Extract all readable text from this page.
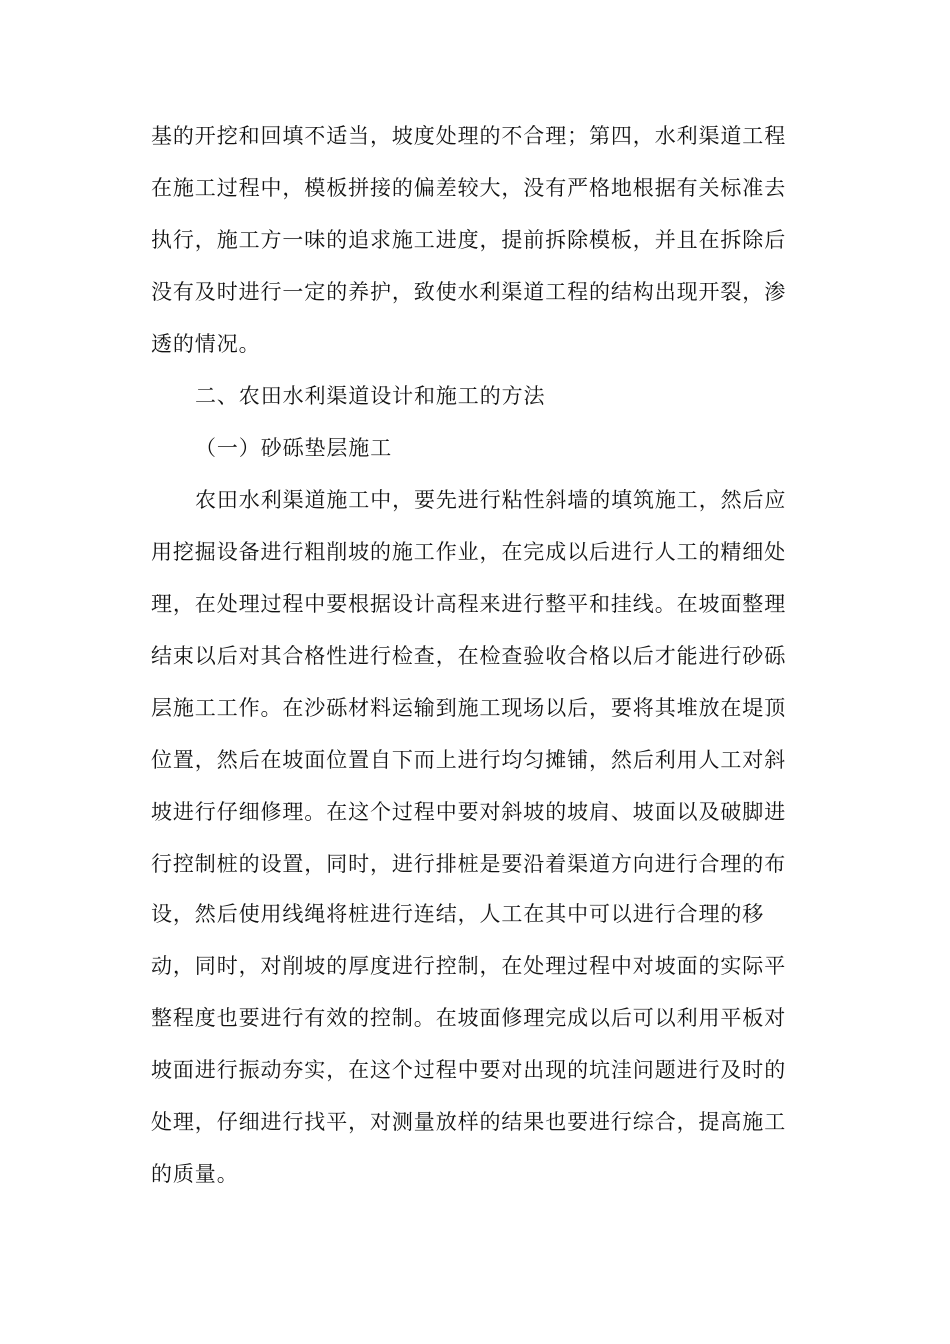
基的开挖和回填不适当，坡度处理的不合理；第四，水利渠道工程
在施工过程中，模板拼接的偏差较大，没有严格地根据有关标准去
执行，施工方一味的追求施工进度，提前拆除模板，并且在拆除后
没有及时进行一定的养护，致使水利渠道工程的结构出现开裂，渗
透的情况。
二、农田水利渠道设计和施工的方法
（一）砂砾垫层施工
农田水利渠道施工中，要先进行粘性斜墙的填筑施工，然后应
用挖掘设备进行粗削坡的施工作业，在完成以后进行人工的精细处
理，在处理过程中要根据设计高程来进行整平和挂线。在坡面整理
结束以后对其合格性进行检查，在检查验收合格以后才能进行砂砾
层施工工作。在沙砾材料运输到施工现场以后，要将其堆放在堤顶
位置，然后在坡面位置自下而上进行均匀摊铺，然后利用人工对斜
坡进行仔细修理。在这个过程中要对斜坡的坡肩、坡面以及破脚进
行控制桩的设置，同时，进行排桩是要沿着渠道方向进行合理的布
设，然后使用线绳将桩进行连结，人工在其中可以进行合理的移
动，同时，对削坡的厚度进行控制，在处理过程中对坡面的实际平
整程度也要进行有效的控制。在坡面修理完成以后可以利用平板对
坡面进行振动夯实，在这个过程中要对出现的坑洼问题进行及时的
处理，仔细进行找平，对测量放样的结果也要进行综合，提高施工
的质量。
